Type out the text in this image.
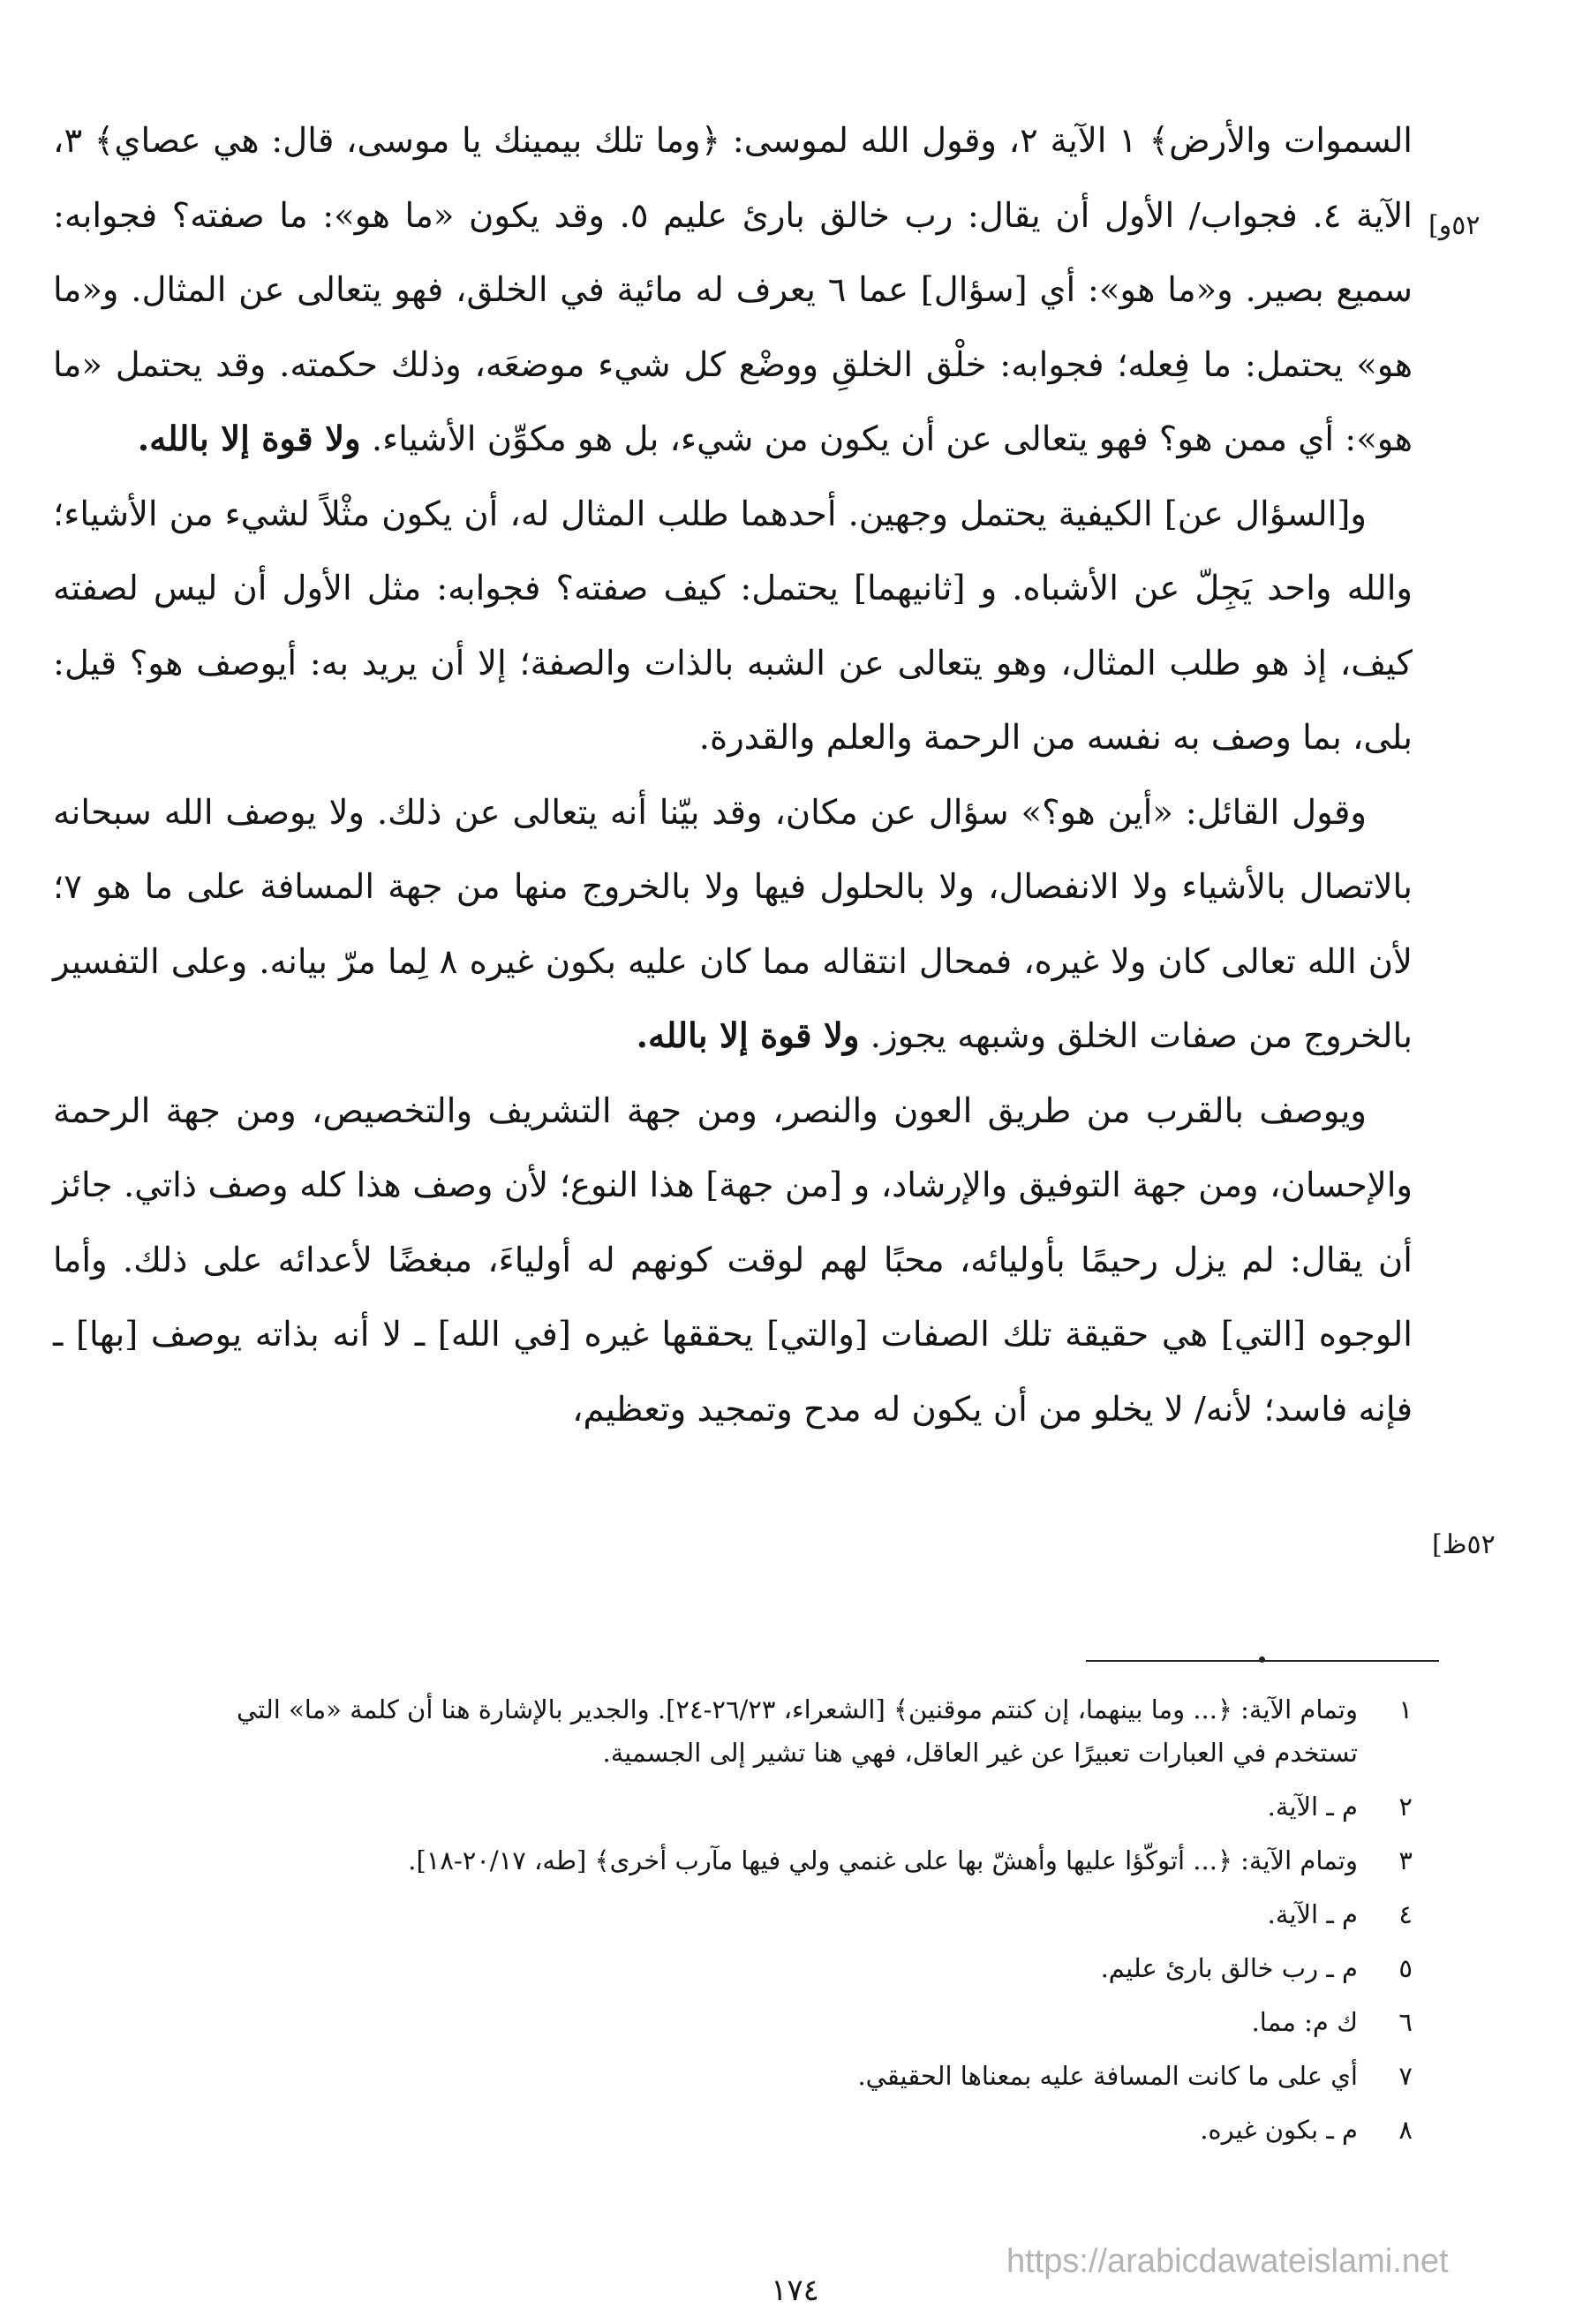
[٥٢و
[٥٢ظ

السموات والأرض﴾ ١ الآية ٢، وقول الله لموسى: ﴿وما تلك بيمينك يا موسى، قال: هي عصاي﴾ ٣، الآية ٤. فجواب/ الأول أن يقال: رب خالق بارئ عليم ٥. وقد يكون «ما هو»: ما صفته؟ فجوابه: سميع بصير. و«ما هو»: أي [سؤال] عما ٦ يعرف له مائية في الخلق، فهو يتعالى عن المثال. و«ما هو» يحتمل: ما فِعله؛ فجوابه: خلْق الخلقِ ووضْع كل شيء موضعَه، وذلك حكمته. وقد يحتمل «ما هو»: أي ممن هو؟ فهو يتعالى عن أن يكون من شيء، بل هو مكوِّن الأشياء. ولا قوة إلا بالله.

و[السؤال عن] الكيفية يحتمل وجهين. أحدهما طلب المثال له، أن يكون مثْلاً لشيء من الأشياء؛ والله واحد يَجِلّ عن الأشباه. و [ثانيهما] يحتمل: كيف صفته؟ فجوابه: مثل الأول أن ليس لصفته كيف، إذ هو طلب المثال، وهو يتعالى عن الشبه بالذات والصفة؛ إلا أن يريد به: أيوصف هو؟ قيل: بلى، بما وصف به نفسه من الرحمة والعلم والقدرة.

وقول القائل: «أين هو؟» سؤال عن مكان، وقد بيّنا أنه يتعالى عن ذلك. ولا يوصف الله سبحانه بالاتصال بالأشياء ولا الانفصال، ولا بالحلول فيها ولا بالخروج منها من جهة المسافة على ما هو ٧؛ لأن الله تعالى كان ولا غيره، فمحال انتقاله مما كان عليه بكون غيره ٨ لِما مرّ بيانه. وعلى التفسير بالخروج من صفات الخلق وشبهه يجوز. ولا قوة إلا بالله.

ويوصف بالقرب من طريق العون والنصر، ومن جهة التشريف والتخصيص، ومن جهة الرحمة والإحسان، ومن جهة التوفيق والإرشاد، و [من جهة] هذا النوع؛ لأن وصف هذا كله وصف ذاتي. جائز أن يقال: لم يزل رحيمًا بأوليائه، محبًا لهم لوقت كونهم له أولياءَ، مبغضًا لأعدائه على ذلك. وأما الوجوه [التي] هي حقيقة تلك الصفات [والتي] يحققها غيره [في الله] ـ لا أنه بذاته يوصف [بها] ـ فإنه فاسد؛ لأنه/ لا يخلو من أن يكون له مدح وتمجيد وتعظيم،

١
وتمام الآية: ﴿... وما بينهما، إن كنتم موقنين﴾ [الشعراء، ٢٦/٢٣-٢٤]. والجدير بالإشارة هنا أن كلمة «ما» التي تستخدم في العبارات تعبيرًا عن غير العاقل، فهي هنا تشير إلى الجسمية.
٢
م ـ الآية.
٣
وتمام الآية: ﴿... أتوكّؤا عليها وأهشّ بها على غنمي ولي فيها مآرب أخرى﴾ [طه، ٢٠/١٧-١٨].
٤
م ـ الآية.
٥
م ـ رب خالق بارئ عليم.
٦
ك م: مما.
٧
أي على ما كانت المسافة عليه بمعناها الحقيقي.
٨
م ـ بكون غيره.
https://arabicdawateislami.net
١٧٤
